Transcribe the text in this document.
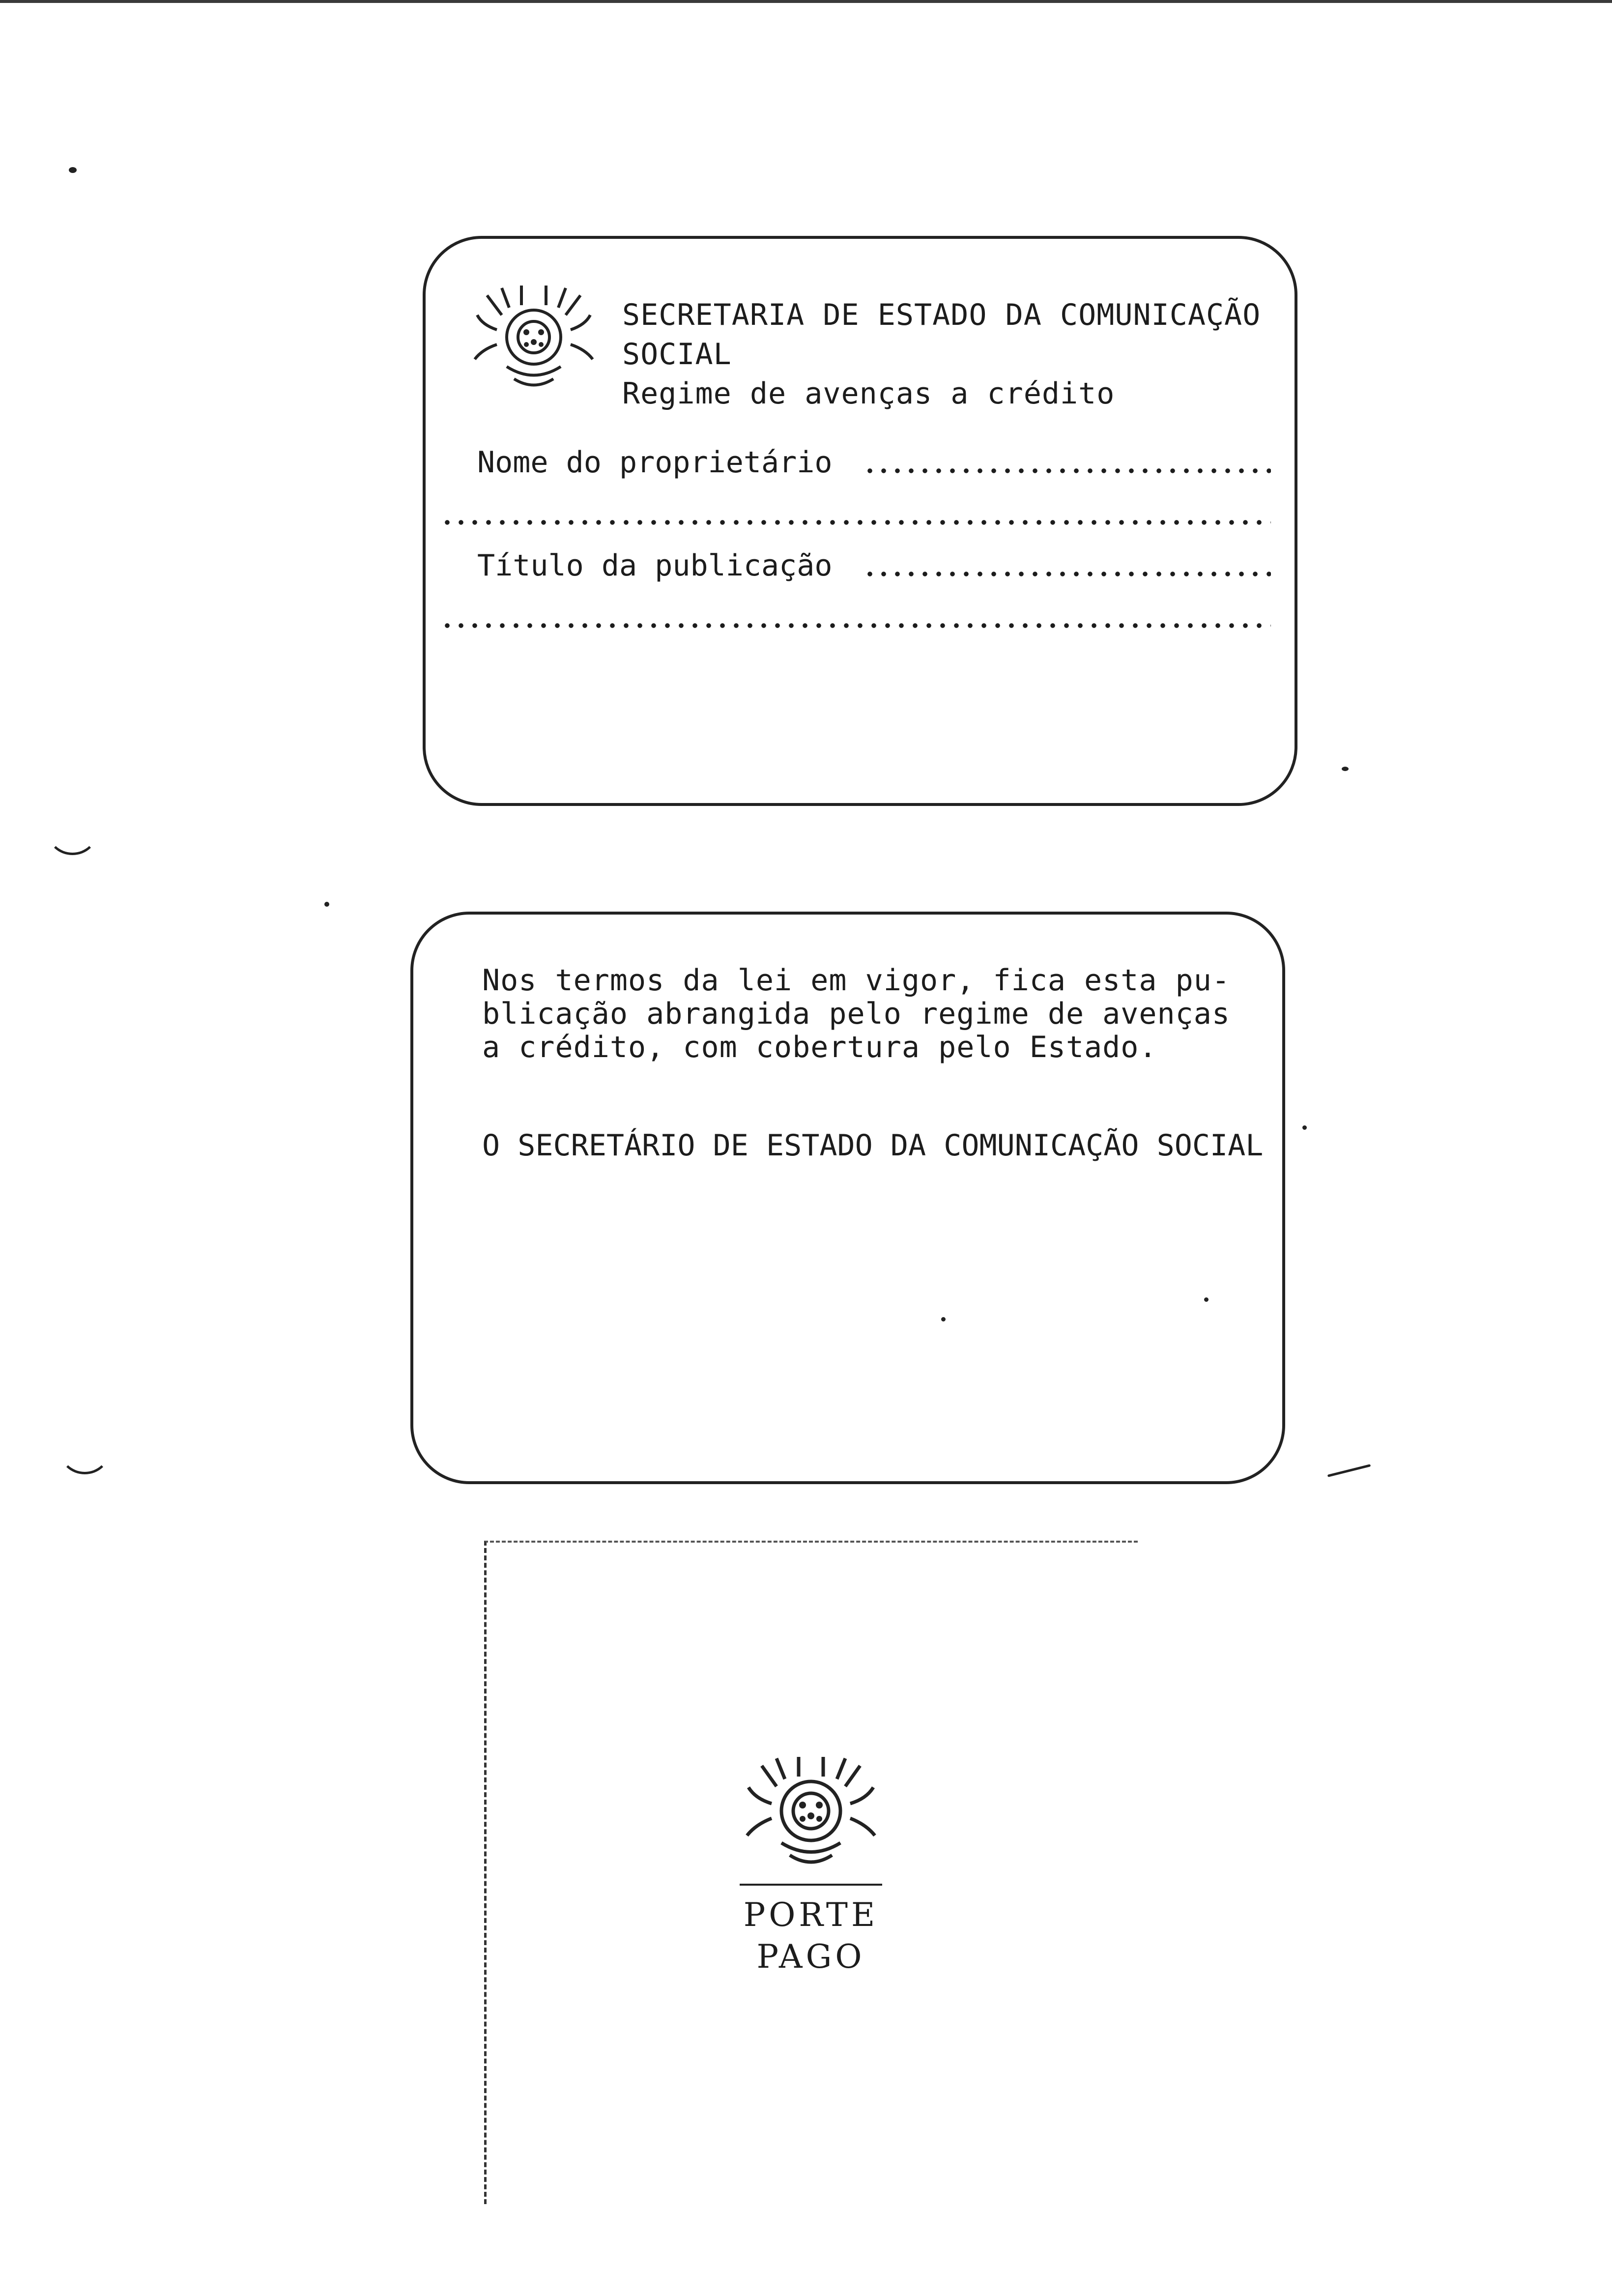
SECRETARIA DE ESTADO DA COMUNICAÇÃO
SOCIAL
Regime de avenças a crédito
Nome do proprietário
Título da publicação
Nos termos da lei em vigor, fica esta pu-
blicação abrangida pelo regime de avenças
a crédito, com cobertura pelo Estado.
O SECRETÁRIO DE ESTADO DA COMUNICAÇÃO SOCIAL
PORTE
PAGO
